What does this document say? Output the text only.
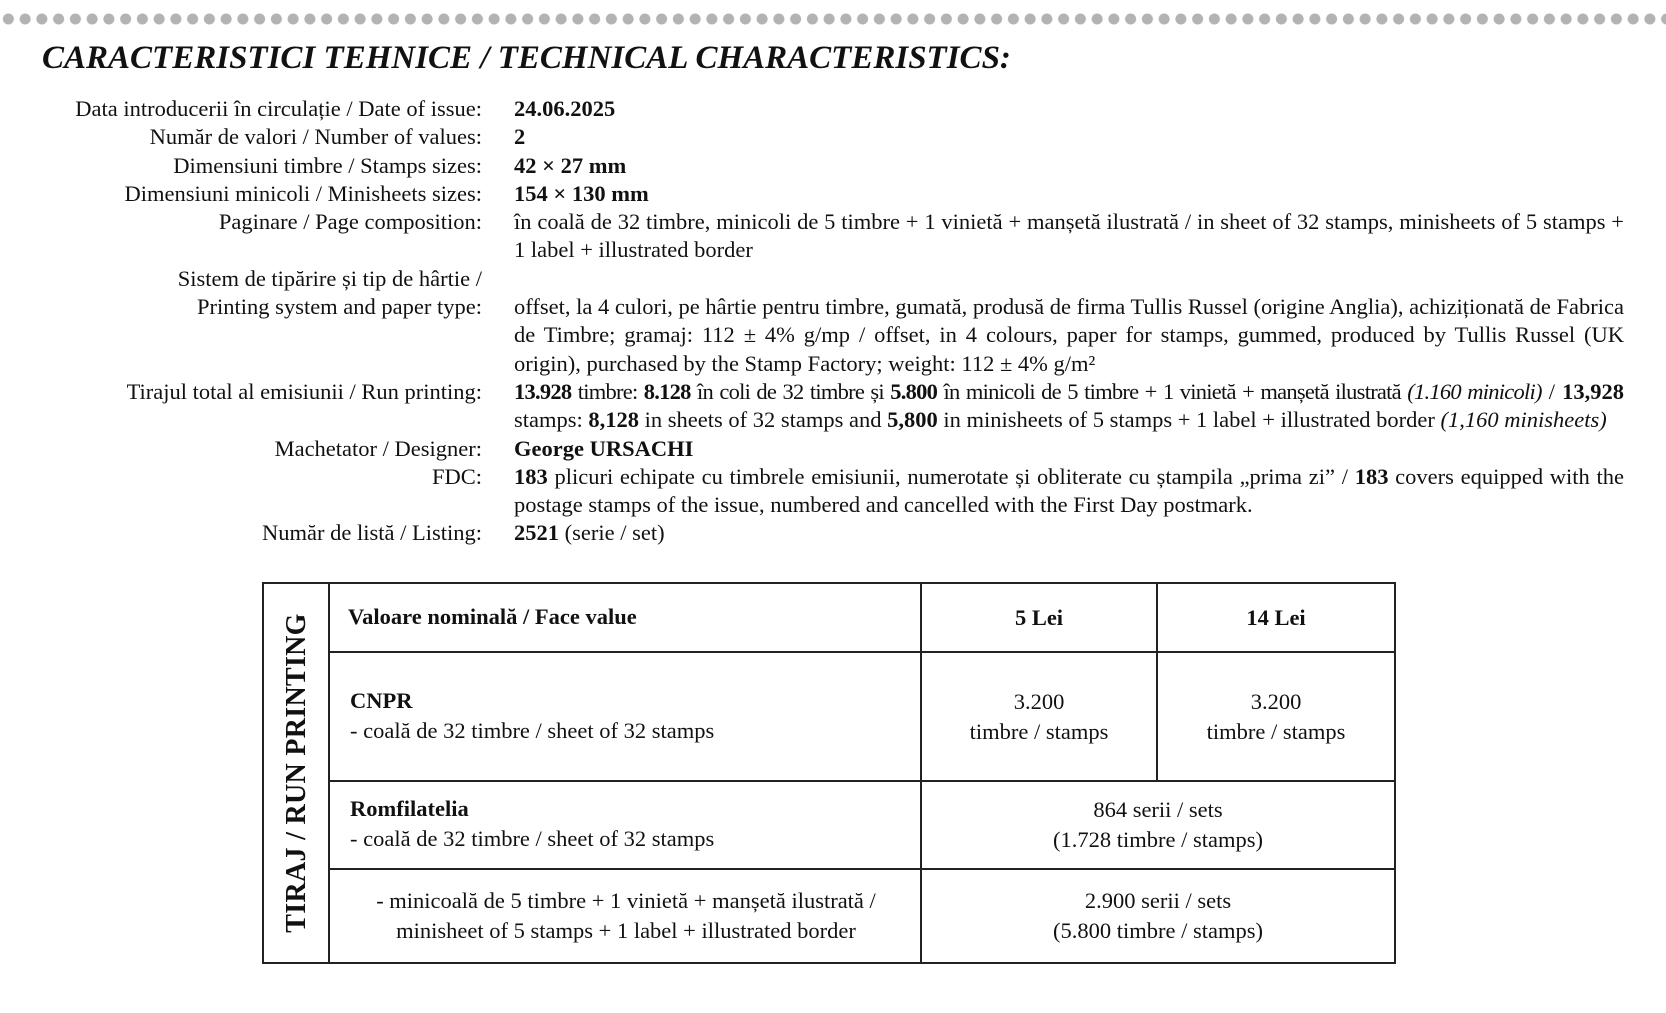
CARACTERISTICI TEHNICE / TECHNICAL CHARACTERISTICS:
Data introducerii în circulație / Date of issue: 24.06.2025
Număr de valori / Number of values: 2
Dimensiuni timbre / Stamps sizes: 42 × 27 mm
Dimensiuni minicoli / Minisheets sizes: 154 × 130 mm
Paginare / Page composition: în coală de 32 timbre, minicoli de 5 timbre + 1 vinietă + manșetă ilustrată / in sheet of 32 stamps, minisheets of 5 stamps + 1 label + illustrated border
Sistem de tipărire și tip de hârtie /
Printing system and paper type: offset, la 4 culori, pe hârtie pentru timbre, gumată, produsă de firma Tullis Russel (origine Anglia), achiziționată de Fabrica de Timbre; gramaj: 112 ± 4% g/mp / offset, in 4 colours, paper for stamps, gummed, produced by Tullis Russel (UK origin), purchased by the Stamp Factory; weight: 112 ± 4% g/m²
Tirajul total al emisiunii / Run printing: 13.928 timbre: 8.128 în coli de 32 timbre și 5.800 în minicoli de 5 timbre + 1 vinietă + manșetă ilustrată (1.160 minicoli) / 13,928 stamps: 8,128 in sheets of 32 stamps and 5,800 in minisheets of 5 stamps + 1 label + illustrated border (1,160 minisheets)
Machetator / Designer: George URSACHI
FDC: 183 plicuri echipate cu timbrele emisiunii, numerotate și obliterate cu ștampila „prima zi” / 183 covers equipped with the postage stamps of the issue, numbered and cancelled with the First Day postmark.
Număr de listă / Listing: 2521 (serie / set)
TIRAJ / RUN PRINTING Valoare nominală / Face value	5 Lei	14 Lei
CNPR
- coală de 32 timbre / sheet of 32 stamps
3.200
timbre / stamps
3.200
timbre / stamps
Romfilatelia
- coală de 32 timbre / sheet of 32 stamps
864 serii / sets
(1.728 timbre / stamps)
- minicoală de 5 timbre + 1 vinietă + manșetă ilustrată /
minisheet of 5 stamps + 1 label + illustrated border
2.900 serii / sets
(5.800 timbre / stamps)
